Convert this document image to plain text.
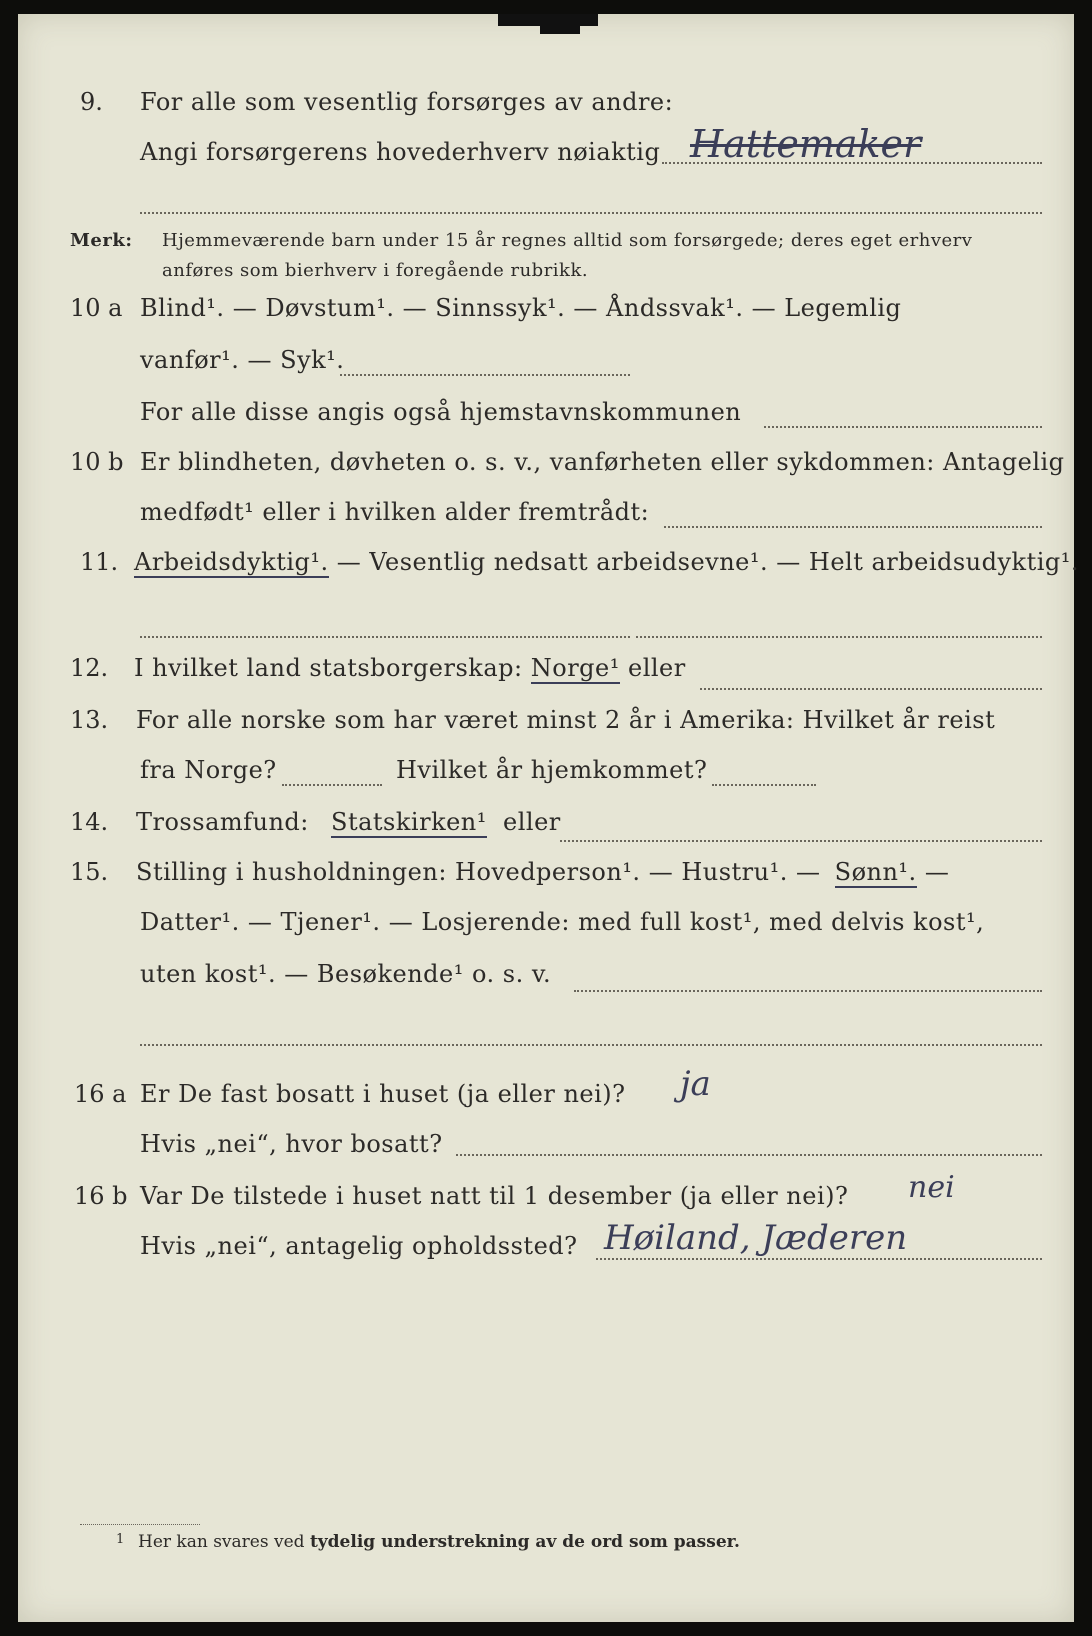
9. For alle som vesentlig forsørges av andre:
Angi forsørgerens hovederhverv nøiaktig Hattemaker
Merk: Hjemmeværende barn under 15 år regnes alltid som forsørgede; deres eget erhverv
anføres som bierhverv i foregående rubrikk.
10 a Blind¹. — Døvstum¹. — Sinnssyk¹. — Åndssvak¹. — Legemlig
vanfør¹. — Syk¹.
For alle disse angis også hjemstavnskommunen
10 b Er blindheten, døvheten o. s. v., vanførheten eller sykdommen: Antagelig
medfødt¹ eller i hvilken alder fremtrådt:
11. Arbeidsdyktig¹. — Vesentlig nedsatt arbeidsevne¹. — Helt arbeidsudyktig¹.
12. I hvilket land statsborgerskap: Norge¹ eller
13. For alle norske som har været minst 2 år i Amerika: Hvilket år reist
fra Norge?	Hvilket år hjemkommet?
14. Trossamfund: Statskirken¹ eller
15. Stilling i husholdningen: Hovedperson¹. — Hustru¹. — Sønn¹. —
Datter¹. — Tjener¹. — Losjerende: med full kost¹, med delvis kost¹,
uten kost¹. — Besøkende¹ o. s. v.
16 a Er De fast bosatt i huset (ja eller nei)? ja
Hvis „nei“, hvor bosatt?
16 b Var De tilstede i huset natt til 1 desember (ja eller nei)? nei
Hvis „nei“, antagelig opholdssted? Høiland, Jæderen
1 Her kan svares ved tydelig understrekning av de ord som passer.
